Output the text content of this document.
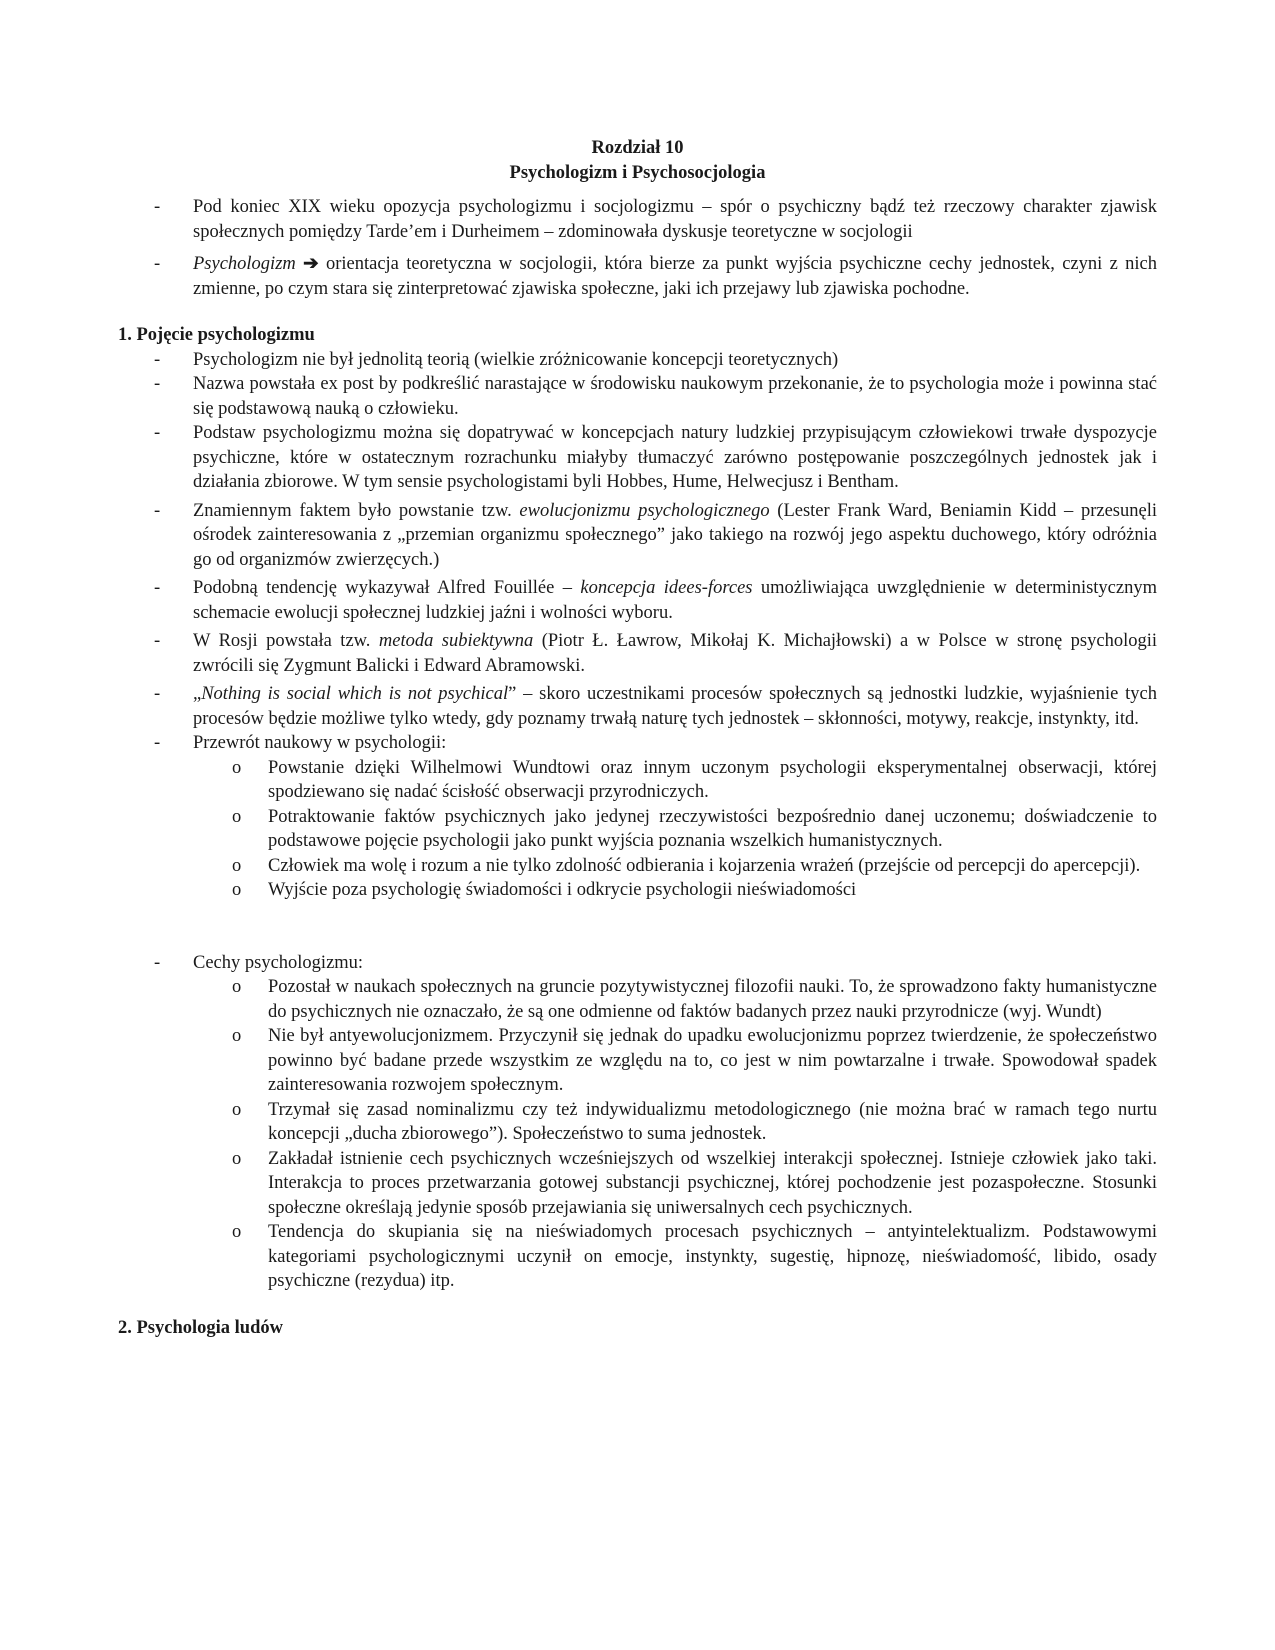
Rozdział 10

Psychologizm i Psychosocjologia

- Pod koniec XIX wieku opozycja psychologizmu i socjologizmu – spór o psychiczny bądź też rzeczowy charakter zjawisk społecznych pomiędzy Tarde’em i Durheimem – zdominowała dyskusje teoretyczne w socjologii
- Psychologizm ➔ orientacja teoretyczna w socjologii, która bierze za punkt wyjścia psychiczne cechy jednostek, czyni z nich zmienne, po czym stara się zinterpretować zjawiska społeczne, jaki ich przejawy lub zjawiska pochodne.

1. Pojęcie psychologizmu

- Psychologizm nie był jednolitą teorią (wielkie zróżnicowanie koncepcji teoretycznych)
- Nazwa powstała ex post by podkreślić narastające w środowisku naukowym przekonanie, że to psychologia może i powinna stać się podstawową nauką o człowieku.
- Podstaw psychologizmu można się dopatrywać w koncepcjach natury ludzkiej przypisującym człowiekowi trwałe dyspozycje psychiczne, które w ostatecznym rozrachunku miałyby tłumaczyć zarówno postępowanie poszczególnych jednostek jak i działania zbiorowe. W tym sensie psychologistami byli Hobbes, Hume, Helwecjusz i Bentham.
- Znamiennym faktem było powstanie tzw. ewolucjonizmu psychologicznego (Lester Frank Ward, Beniamin Kidd – przesunęli ośrodek zainteresowania z „przemian organizmu społecznego” jako takiego na rozwój jego aspektu duchowego, który odróżnia go od organizmów zwierzęcych.)
- Podobną tendencję wykazywał Alfred Fouillée – koncepcja idees-forces umożliwiająca uwzględnienie w deterministycznym schemacie ewolucji społecznej ludzkiej jaźni i wolności wyboru.
- W Rosji powstała tzw. metoda subiektywna (Piotr Ł. Ławrow, Mikołaj K. Michajłowski) a w Polsce w stronę psychologii zwrócili się Zygmunt Balicki i Edward Abramowski.
- „Nothing is social which is not psychical” – skoro uczestnikami procesów społecznych są jednostki ludzkie, wyjaśnienie tych procesów będzie możliwe tylko wtedy, gdy poznamy trwałą naturę tych jednostek – skłonności, motywy, reakcje, instynkty, itd.
- Przewrót naukowy w psychologii:
o Powstanie dzięki Wilhelmowi Wundtowi oraz innym uczonym psychologii eksperymentalnej obserwacji, której spodziewano się nadać ścisłość obserwacji przyrodniczych.
o Potraktowanie faktów psychicznych jako jedynej rzeczywistości bezpośrednio danej uczonemu; doświadczenie to podstawowe pojęcie psychologii jako punkt wyjścia poznania wszelkich humanistycznych.
o Człowiek ma wolę i rozum a nie tylko zdolność odbierania i kojarzenia wrażeń (przejście od percepcji do apercepcji).
o Wyjście poza psychologię świadomości i odkrycie psychologii nieświadomości
- Cechy psychologizmu:
o Pozostał w naukach społecznych na gruncie pozytywistycznej filozofii nauki. To, że sprowadzono fakty humanistyczne do psychicznych nie oznaczało, że są one odmienne od faktów badanych przez nauki przyrodnicze (wyj. Wundt)
o Nie był antyewolucjonizmem. Przyczynił się jednak do upadku ewolucjonizmu poprzez twierdzenie, że społeczeństwo powinno być badane przede wszystkim ze względu na to, co jest w nim powtarzalne i trwałe. Spowodował spadek zainteresowania rozwojem społecznym.
o Trzymał się zasad nominalizmu czy też indywidualizmu metodologicznego (nie można brać w ramach tego nurtu koncepcji „ducha zbiorowego”). Społeczeństwo to suma jednostek.
o Zakładał istnienie cech psychicznych wcześniejszych od wszelkiej interakcji społecznej. Istnieje człowiek jako taki. Interakcja to proces przetwarzania gotowej substancji psychicznej, której pochodzenie jest pozaspołeczne. Stosunki społeczne określają jedynie sposób przejawiania się uniwersalnych cech psychicznych.
o Tendencja do skupiania się na nieświadomych procesach psychicznych – antyintelektualizm. Podstawowymi kategoriami psychologicznymi uczynił on emocje, instynkty, sugestię, hipnozę, nieświadomość, libido, osady psychiczne (rezydua) itp.

2. Psychologia ludów
